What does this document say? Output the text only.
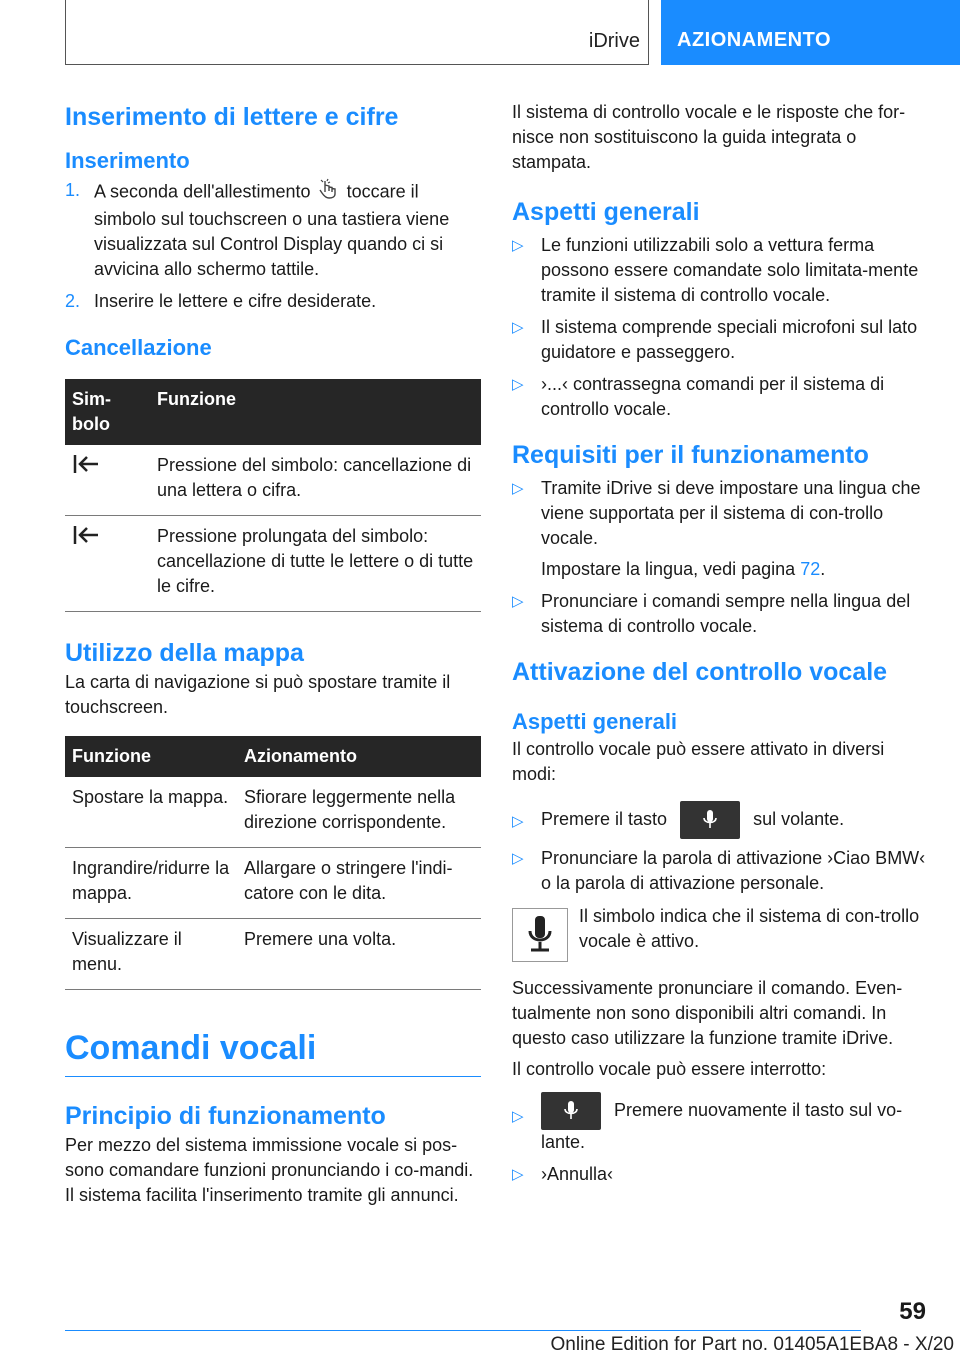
iDrive	AZIONAMENTO
Inserimento di lettere e cifre
Inserimento
1. A seconda dell'allestimento toccare il simbolo sul touchscreen o una tastiera viene visualizzata sul Control Display quando ci si avvicina allo schermo tattile.
2. Inserire le lettere e cifre desiderate.
Cancellazione
Sim-
bolo	Funzione
	Pressione del simbolo: cancellazione di una lettera o cifra.
	Pressione prolungata del simbolo: cancellazione di tutte le lettere o di tutte le cifre.
Utilizzo della mappa

La carta di navigazione si può spostare tramite il touchscreen.

Funzione	Azionamento
Spostare la mappa.	Sfiorare leggermente nella direzione corrispondente.
Ingrandire/ridurre la mappa.	Allargare o stringere l'indi-catore con le dita.
Visualizzare il menu.	Premere una volta.
Comandi vocali
Principio di funzionamento

Per mezzo del sistema immissione vocale si pos-sono comandare funzioni pronunciando i co-mandi. Il sistema facilita l'inserimento tramite gli annunci.

Il sistema di controllo vocale e le risposte che for-nisce non sostituiscono la guida integrata o stampata.

Aspetti generali
▷ Le funzioni utilizzabili solo a vettura ferma possono essere comandate solo limitata-mente tramite il sistema di controllo vocale.
▷ Il sistema comprende speciali microfoni sul lato guidatore e passeggero.
▷ ›...‹ contrassegna comandi per il sistema di controllo vocale.
Requisiti per il funzionamento
▷ Tramite iDrive si deve impostare una lingua che viene supportata per il sistema di con-trollo vocale.
Impostare la lingua, vedi pagina 72.
▷ Pronunciare i comandi sempre nella lingua del sistema di controllo vocale.
Attivazione del controllo vocale
Aspetti generali

Il controllo vocale può essere attivato in diversi modi:

▷ Premere il tasto	sul volante.
▷ Pronunciare la parola di attivazione ›Ciao BMW‹ o la parola di attivazione personale.

Il simbolo indica che il sistema di con-trollo vocale è attivo.

Successivamente pronunciare il comando. Even-tualmente non sono disponibili altri comandi. In questo caso utilizzare la funzione tramite iDrive.

Il controllo vocale può essere interrotto:

▷	Premere nuovamente il tasto sul vo-lante.
▷ ›Annulla‹
59
Online Edition for Part no. 01405A1EBA8 - X/20
